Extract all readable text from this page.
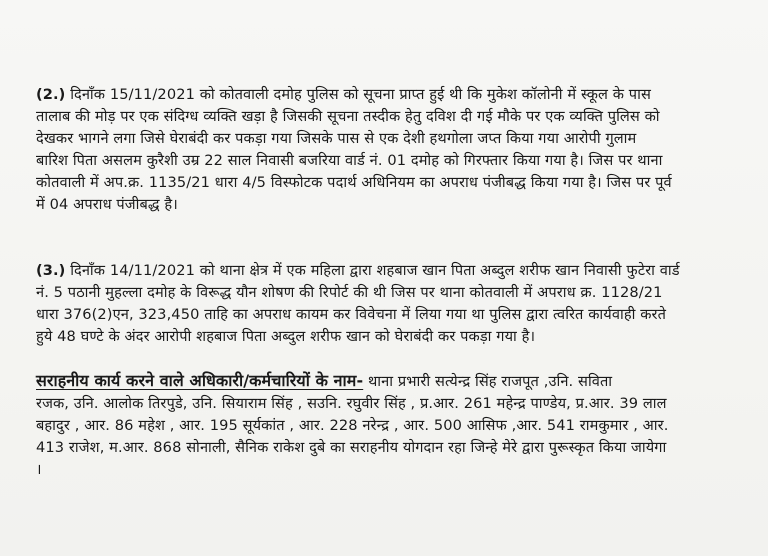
(2.) दिनाँक 15/11/2021 को कोतवाली दमोह पुलिस को सूचना प्राप्त हुई थी कि मुकेश कॉलोनी में स्कूल के पास
तालाब की मोड़ पर एक संदिग्ध व्यक्ति खड़ा है जिसकी सूचना तस्दीक हेतु दविश दी गई मौके पर एक व्यक्ति पुलिस को
देखकर भागने लगा जिसे घेराबंदी कर पकड़ा गया जिसके पास से एक देशी हथगोला जप्त किया गया आरोपी गुलाम
बारिश पिता असलम कुरैशी उम्र 22 साल निवासी बजरिया वार्ड नं. 01 दमोह को गिरफ्तार किया गया है। जिस पर थाना
कोतवाली में अप.क्र. 1135/21 धारा 4/5 विस्फोटक पदार्थ अधिनियम का अपराध पंजीबद्ध किया गया है। जिस पर पूर्व
में 04 अपराध पंजीबद्ध है।
(3.) दिनाँक 14/11/2021 को थाना क्षेत्र में एक महिला द्वारा शहबाज खान पिता अब्दुल शरीफ खान निवासी फुटेरा वार्ड
नं. 5 पठानी मुहल्ला दमोह के विरूद्ध यौन शोषण की रिपोर्ट की थी जिस पर थाना कोतवाली में अपराध क्र. 1128/21
धारा 376(2)एन, 323,450 ताहि का अपराध कायम कर विवेचना में लिया गया था पुलिस द्वारा त्वरित कार्यवाही करते
हुये 48 घण्टे के अंदर आरोपी शहबाज पिता अब्दुल शरीफ खान को घेराबंदी कर पकड़ा गया है।
सराहनीय कार्य करने वाले अधिकारी/कर्मचारियों के नाम- थाना प्रभारी सत्येन्द्र सिंह राजपूत ,उनि. सविता
रजक, उनि. आलोक तिरपुडे, उनि. सियाराम सिंह , सउनि. रघुवीर सिंह , प्र.आर. 261 महेन्द्र पाण्डेय, प्र.आर. 39 लाल
बहादुर , आर. 86 महेश , आर. 195 सूर्यकांत , आर. 228 नरेन्द्र , आर. 500 आसिफ ,आर. 541 रामकुमार , आर.
413 राजेश, म.आर. 868 सोनाली, सैनिक राकेश दुबे का सराहनीय योगदान रहा जिन्हे मेरे द्वारा पुरूस्कृत किया जायेगा
।
